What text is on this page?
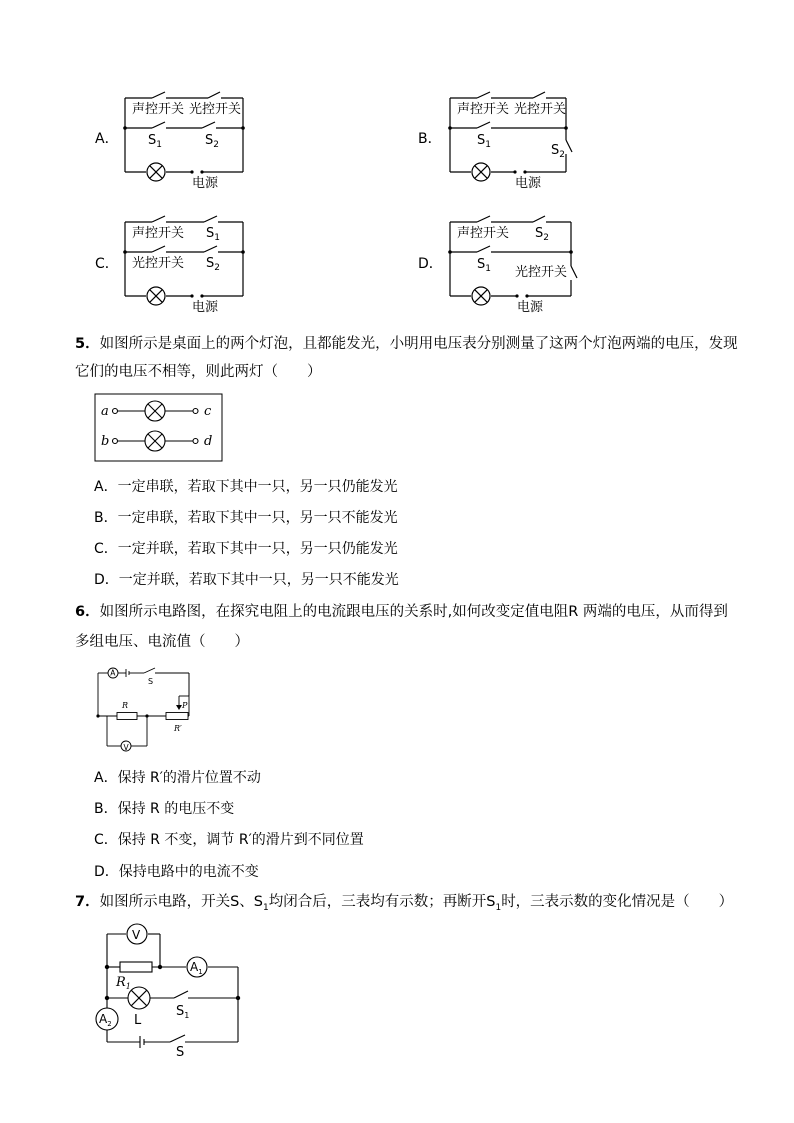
A．
声控开关 光控开关
$S_1$	$S_2$
电源
B．
声控开关 光控开关
$S_1$	$S_2$
电源
C．
声控开关 $S_1$
光控开关 $S_2$
电源
D．
声控开关 $S_2$
$S_1$ 光控开关
电源
5．如图所示是桌面上的两个灯泡，且都能发光，小明用电压表分别测量了这两个灯泡两端的电压，发现
它们的电压不相等，则此两灯（　　）
a	c
b	d
A．一定串联，若取下其中一只，另一只仍能发光
B．一定串联，若取下其中一只，另一只不能发光
C．一定并联，若取下其中一只，另一只仍能发光
D．一定并联，若取下其中一只，另一只不能发光
6．如图所示电路图，在探究电阻上的电流跟电压的关系时,如何改变定值电阻R 两端的电压，从而得到
多组电压、电流值（　　）
A
V
S
R	P
R′
A．保持 R′的滑片位置不动
B．保持 R 的电压不变
C．保持 R 不变，调节 R′的滑片到不同位置
D．保持电路中的电流不变
7．如图所示电路，开关S、$S_1$均闭合后，三表均有示数；再断开$S_1$时，三表示数的变化情况是（　　）
V
$A_1$
$A_2$
$R_1$
L
$S_1$
S
